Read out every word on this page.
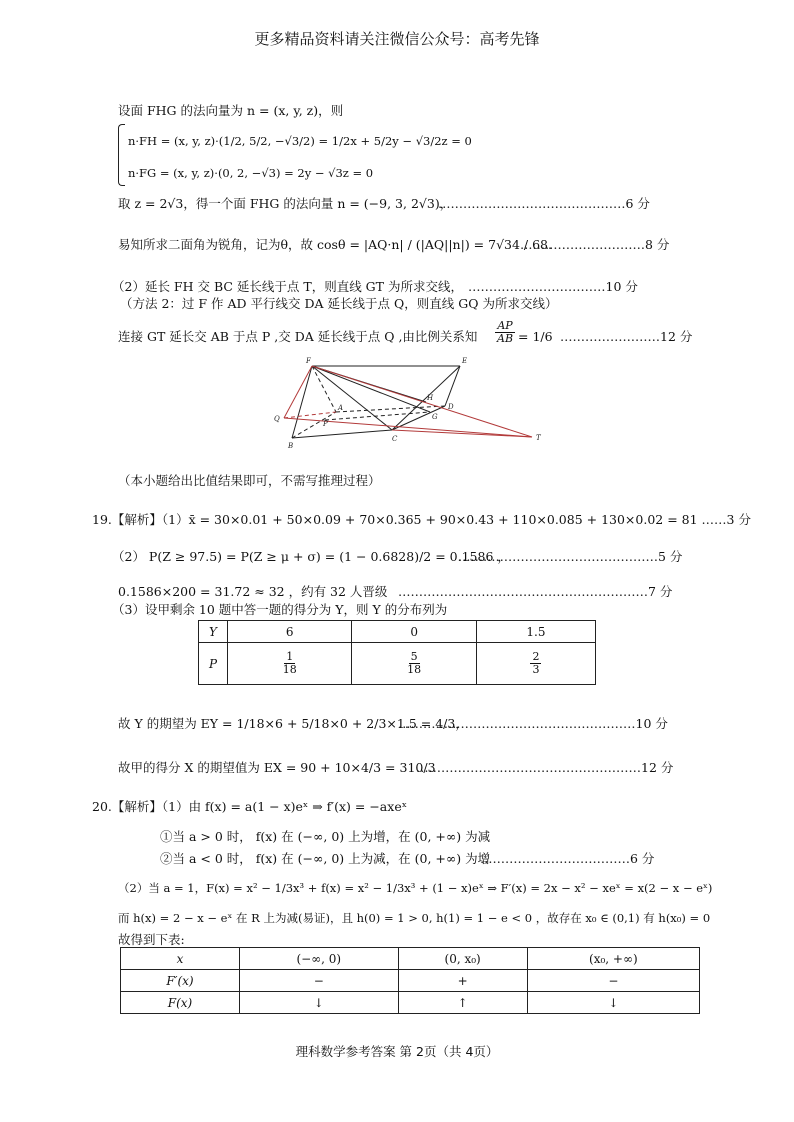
更多精品资料请关注微信公众号：高考先锋
设面 FHG 的法向量为 n = (x, y, z)，则
n·FH = (x, y, z)·(1/2, 5/2, −√3/2) = 1/2x + 5/2y − √3/2z = 0
n·FG = (x, y, z)·(0, 2, −√3) = 2y − √3z = 0
取 z = 2√3，得一个面 FHG 的法向量 n = (−9, 3, 2√3)，
………………………………………6 分
易知所求二面角为锐角，记为θ，故 cosθ = |AQ·n| / (|AQ||n|) = 7√34 / 68.
…………………………8 分
（2）延长 FH 交 BC 延长线于点 T，则直线 GT 为所求交线， ……………………………10 分
（方法 2：过 F 作 AD 平行线交 DA 延长线于点 Q，则直线 GQ 为所求交线）
连接 GT 延长交 AB 于点 P ,交 DA 延长线于点 Q ,由比例关系知 $\frac{AP}{AB} = 1/6$ ……………………12 分
F	E
Q
A
H
D
P
G
B
C	T
（本小题给出比值结果即可，不需写推理过程）
19.【解析】（1）x̄ = 30×0.01 + 50×0.09 + 70×0.365 + 90×0.43 + 110×0.085 + 130×0.02 = 81 ……3 分
（2） P(Z ≥ 97.5) = P(Z ≥ μ + σ) = (1 − 0.6828)/2 = 0.1586 ，
…………………………………………5 分
0.1586×200 = 31.72 ≈ 32 ，约有 32 人晋级 ……………………………………………………7 分
（3）设甲剩余 10 题中答一题的得分为 Y，则 Y 的分布列为
Y	6	0	1.5
P	$\frac{1}{18}$	$\frac{5}{18}$	$\frac{2}{3}$
故 Y 的期望为 EY = 1/18×6 + 5/18×0 + 2/3×1.5 = 4/3，
…………………………………………………10 分
故甲的得分 X 的期望值为 EX = 90 + 10×4/3 = 310/3
………………………………………………12 分
20.【解析】（1）由 f(x) = a(1 − x)eˣ ⇒ f′(x) = −axeˣ
①当 a > 0 时， f(x) 在 (−∞, 0) 上为增，在 (0, +∞) 为减
②当 a < 0 时， f(x) 在 (−∞, 0) 上为减，在 (0, +∞) 为增
………………………………6 分
（2）当 a = 1，F(x) = x² − 1/3x³ + f(x) = x² − 1/3x³ + (1 − x)eˣ ⇒ F′(x) = 2x − x² − xeˣ = x(2 − x − eˣ)
而 h(x) = 2 − x − eˣ 在 R 上为减(易证)，且 h(0) = 1 > 0, h(1) = 1 − e < 0 ，故存在 x₀ ∈ (0,1) 有 h(x₀) = 0
故得到下表:
x	(−∞, 0)	(0, x₀)	(x₀, +∞)
F′(x)	−	+	−
F(x)	↓	↑	↓
理科数学参考答案 第 2页（共 4页）
